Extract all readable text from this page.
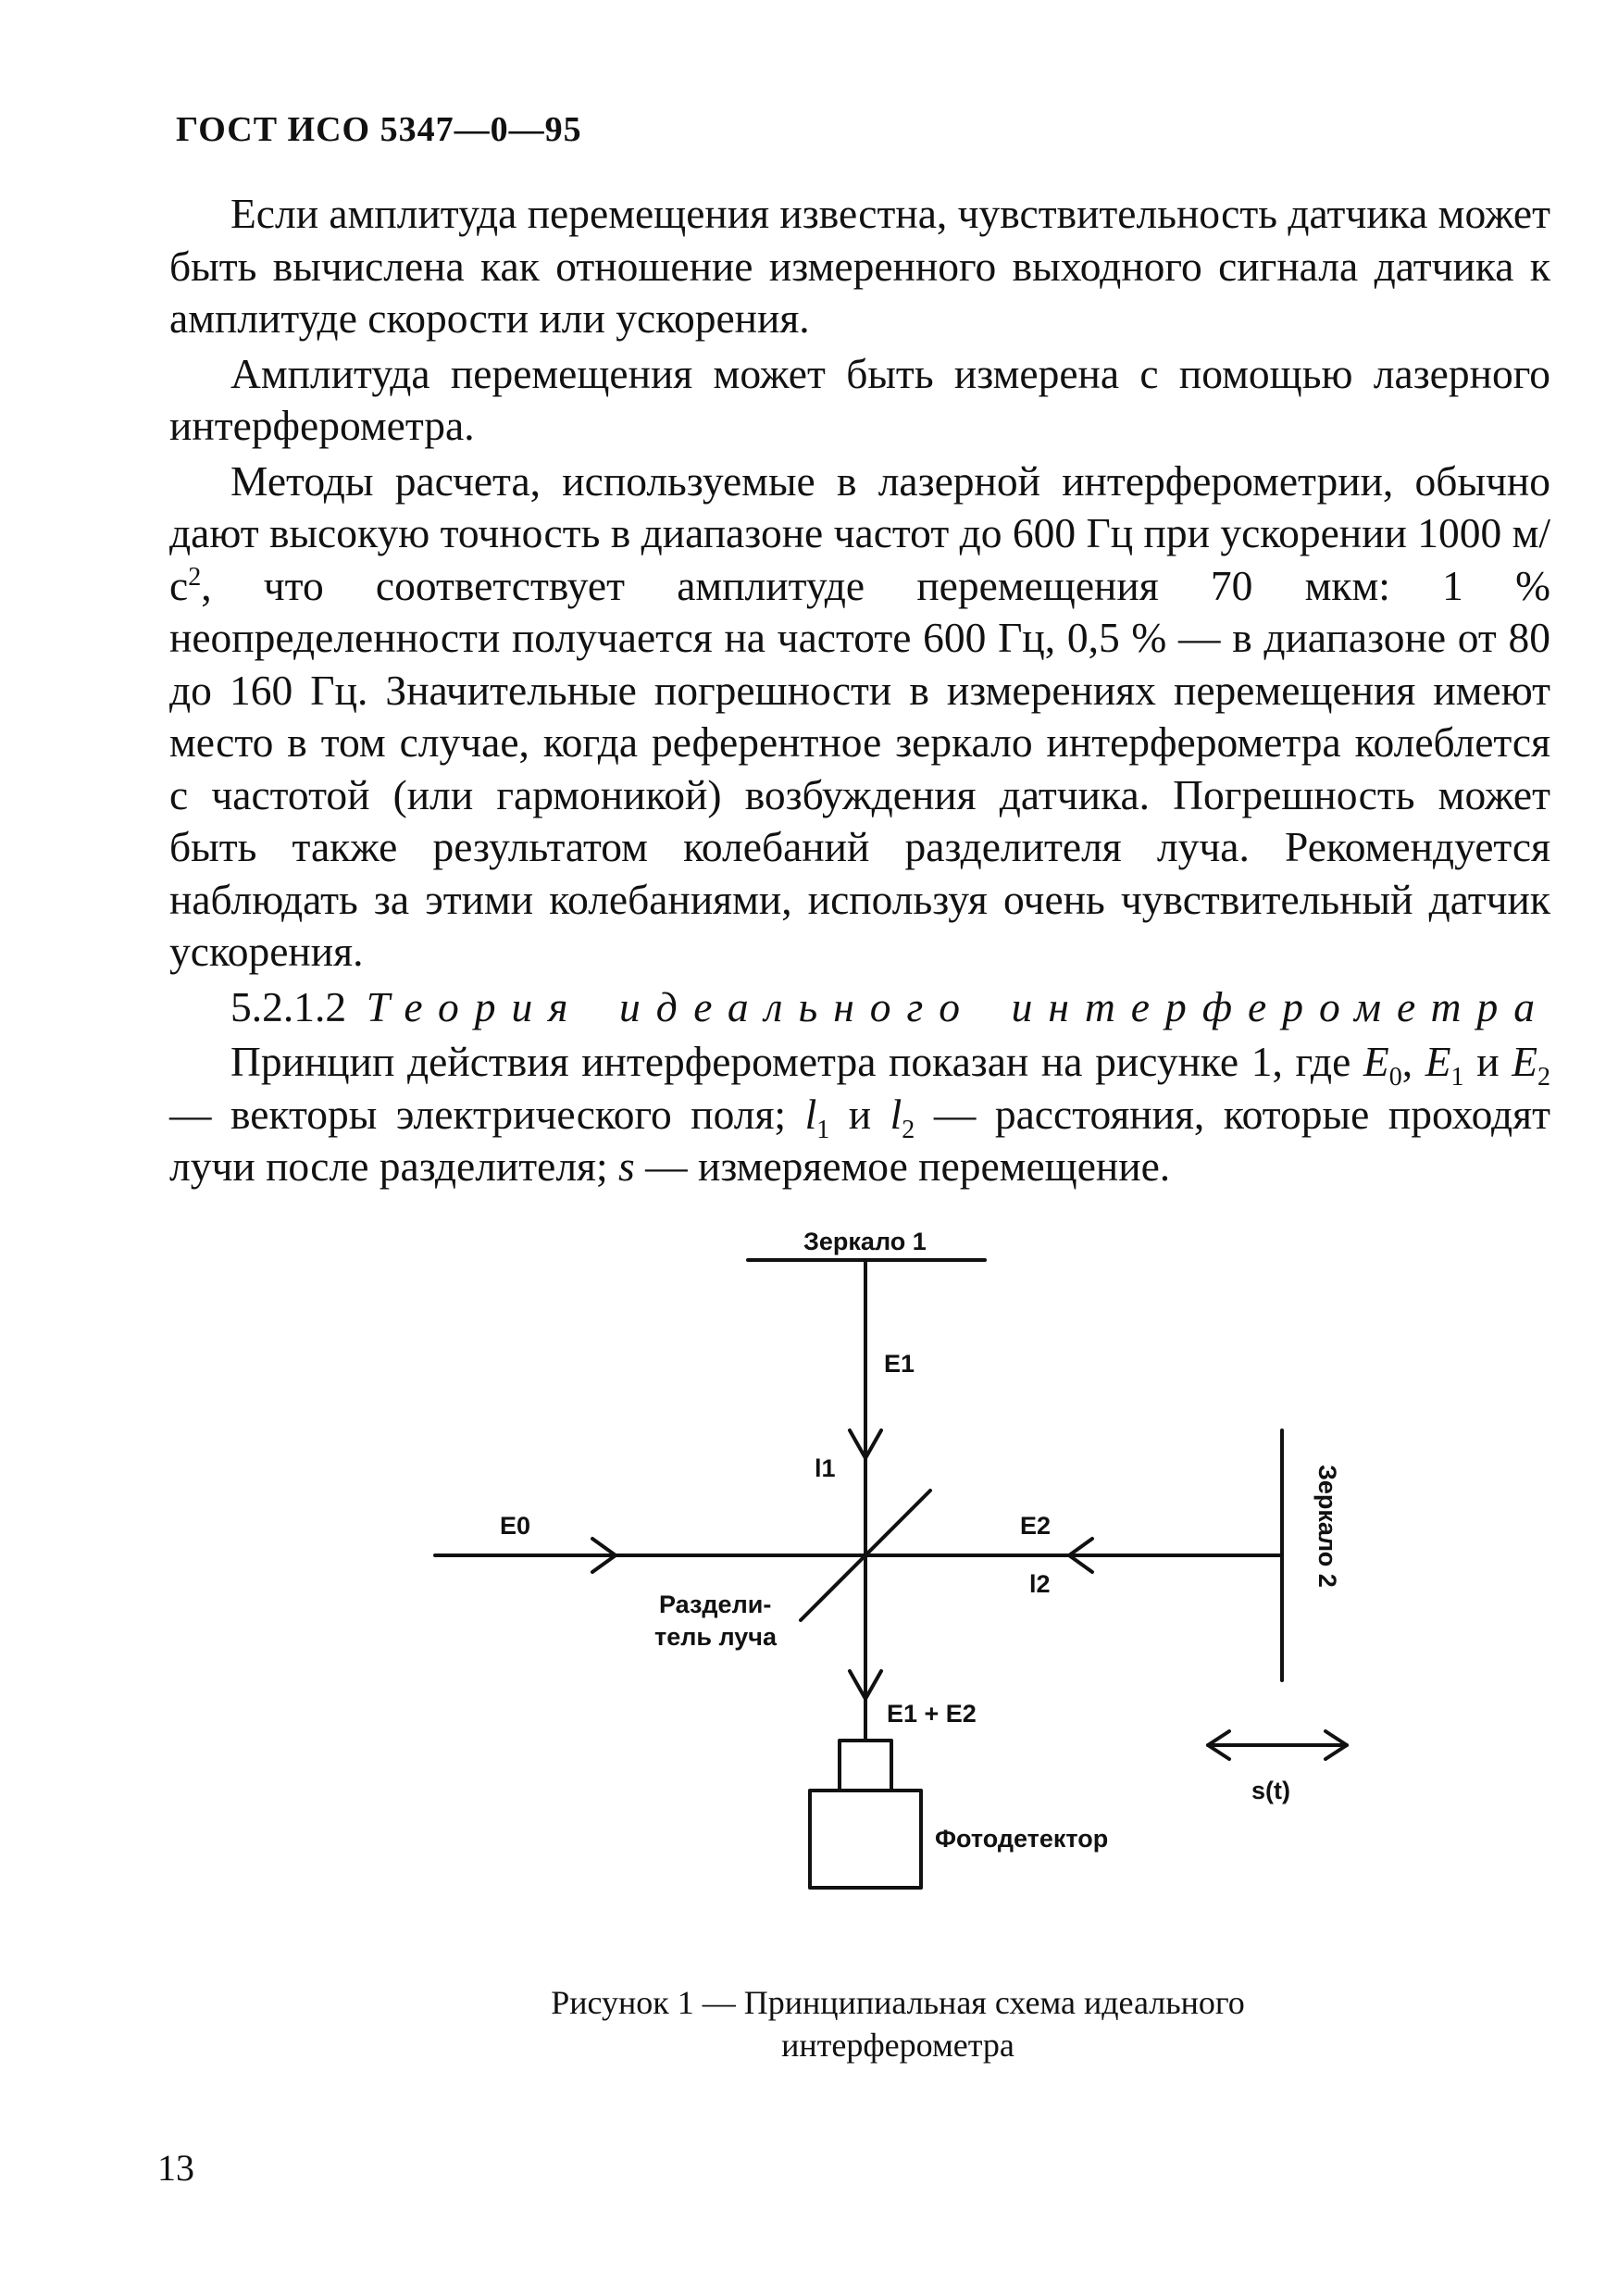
ГОСТ ИСО 5347—0—95

Если амплитуда перемещения известна, чувствительность датчика может быть вычислена как отношение измеренного выходного сигнала датчика к амплитуде скорости или ускорения.

Амплитуда перемещения может быть измерена с помощью лазерного интерферометра.

Методы расчета, используемые в лазерной интерферометрии, обычно дают высокую точность в диапазоне частот до 600 Гц при ускорении 1000 $м/с^2$, что соответствует амплитуде перемещения 70 мкм: 1 % неопределенности получается на частоте 600 Гц, 0,5 % — в диапазоне от 80 до 160 Гц. Значительные погрешности в измерениях перемещения имеют место в том случае, когда референтное зеркало интерферометра колеблется с частотой (или гармоникой) возбуждения датчика. Погрешность может быть также результатом колебаний разделителя луча. Рекомендуется наблюдать за этими колебаниями, используя очень чувствительный датчик ускорения.

5.2.1.2 Теория идеального интерферометра

Принцип действия интерферометра показан на рисунке 1, где $E_0$, $E_1$ и $E_2$ — векторы электрического поля; $l_1$ и $l_2$ — расстояния, которые проходят лучи после разделителя; s — измеряемое перемещение.

Зеркало 1
E1
l1
E0	E2
l2
Раздели-
тель луча
E1 + E2
Зеркало 2
s(t)
Фотодетектор
Рисунок 1 — Принципиальная схема идеального
интерферометра
13
